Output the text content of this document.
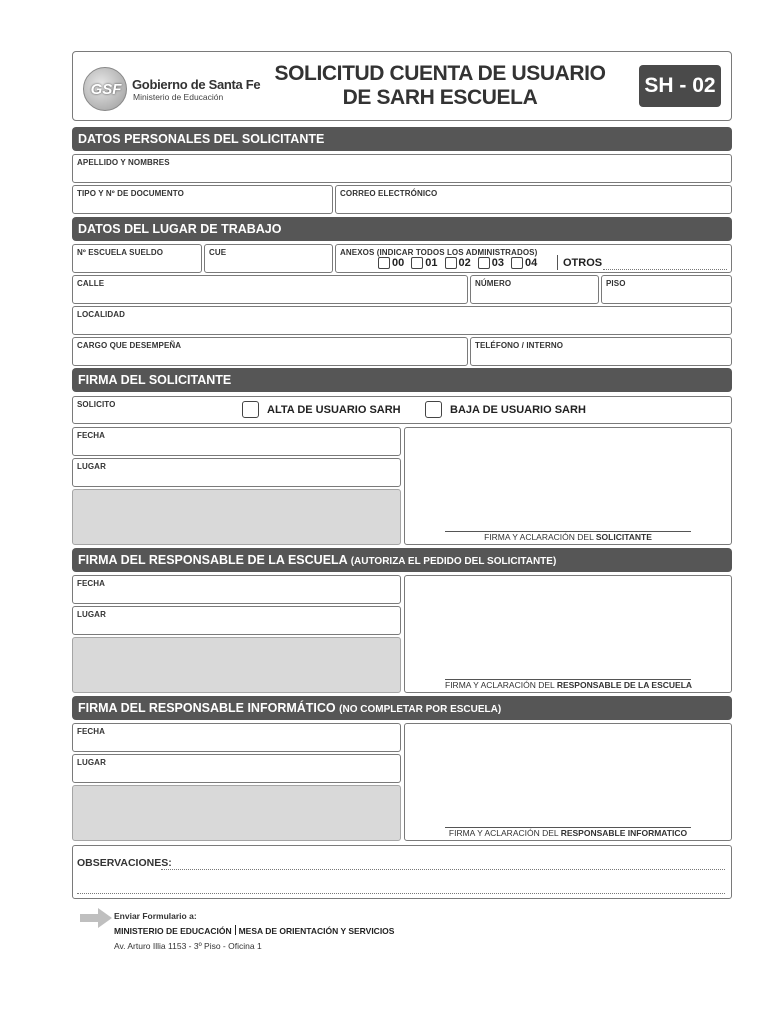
GSF Gobierno de Santa Fe
Ministerio de Educación
SOLICITUD CUENTA DE USUARIO
DE SARH ESCUELA
SH - 02
DATOS PERSONALES DEL SOLICITANTE
APELLIDO Y NOMBRES
TIPO Y Nº DE DOCUMENTO	CORREO ELECTRÓNICO
DATOS DEL LUGAR DE TRABAJO
Nº ESCUELA SUELDO	CUE	ANEXOS (INDICAR TODOS LOS ADMINISTRADOS)
00 01 02 03 04 OTROS
CALLE	NÚMERO	PISO
LOCALIDAD
CARGO QUE DESEMPEÑA	TELÉFONO / INTERNO
FIRMA DEL SOLICITANTE
SOLICITO	ALTA DE USUARIO SARH	BAJA DE USUARIO SARH
FECHA
LUGAR
FIRMA Y ACLARACIÓN DEL SOLICITANTE
FIRMA DEL RESPONSABLE DE LA ESCUELA (AUTORIZA EL PEDIDO DEL SOLICITANTE)
FECHA
LUGAR
FIRMA Y ACLARACIÓN DEL RESPONSABLE DE LA ESCUELA
FIRMA DEL RESPONSABLE INFORMÁTICO (NO COMPLETAR POR ESCUELA)
FECHA
LUGAR
FIRMA Y ACLARACIÓN DEL RESPONSABLE INFORMATICO
OBSERVACIONES:
Enviar Formulario a:
MINISTERIO DE EDUCACIÓN MESA DE ORIENTACIÓN Y SERVICIOS
Av. Arturo Illia 1153 - 3º Piso - Oficina 1
